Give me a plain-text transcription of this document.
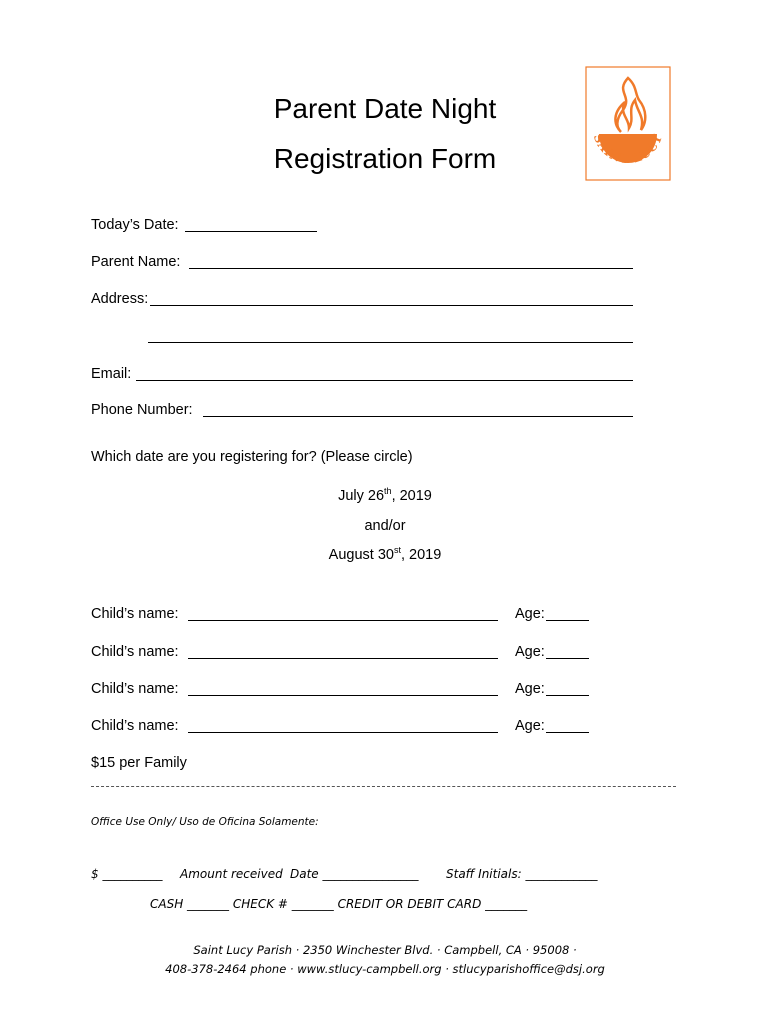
SAINT LUCY
Parent Date Night
Registration Form
Today’s Date:
Parent Name:
Address:
Email:
Phone Number:
Which date are you registering for? (Please circle)
July 26th, 2019
and/or
August 30st, 2019
Child’s name:	Age:
Child’s name:	Age:
Child’s name:	Age:
Child’s name:	Age:
$15 per Family
Office Use Only/ Uso de Oficina Solamente:
$ __________ Amount received Date ________________ Staff Initials: ____________
CASH _______ CHECK # _______ CREDIT OR DEBIT CARD _______
Saint Lucy Parish · 2350 Winchester Blvd. · Campbell, CA · 95008 ·
408-378-2464 phone · www.stlucy-campbell.org · stlucyparishoffice@dsj.org
